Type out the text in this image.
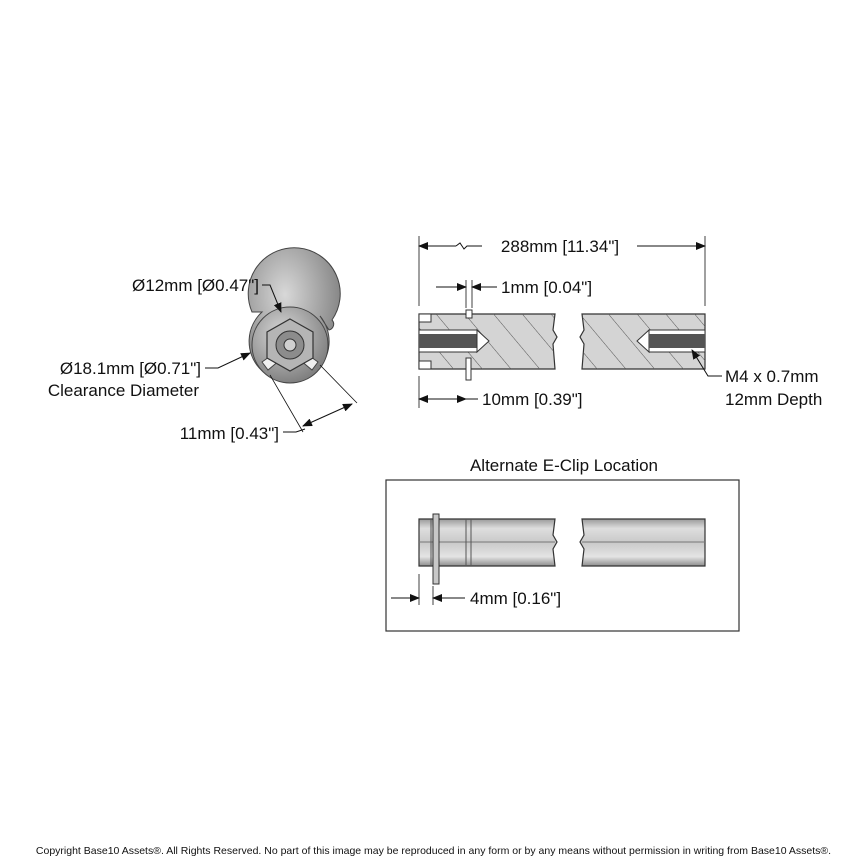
Ø12mm [Ø0.47"]
Ø18.1mm [Ø0.71"]
Clearance Diameter
11mm [0.43"]
288mm [11.34"]
1mm [0.04"]
10mm [0.39"]
M4 x 0.7mm
12mm Depth
Alternate E-Clip Location
4mm [0.16"]
Copyright Base10 Assets®. All Rights Reserved. No part of this image may be reproduced in any form or by any means without permission in writing from Base10 Assets®.
